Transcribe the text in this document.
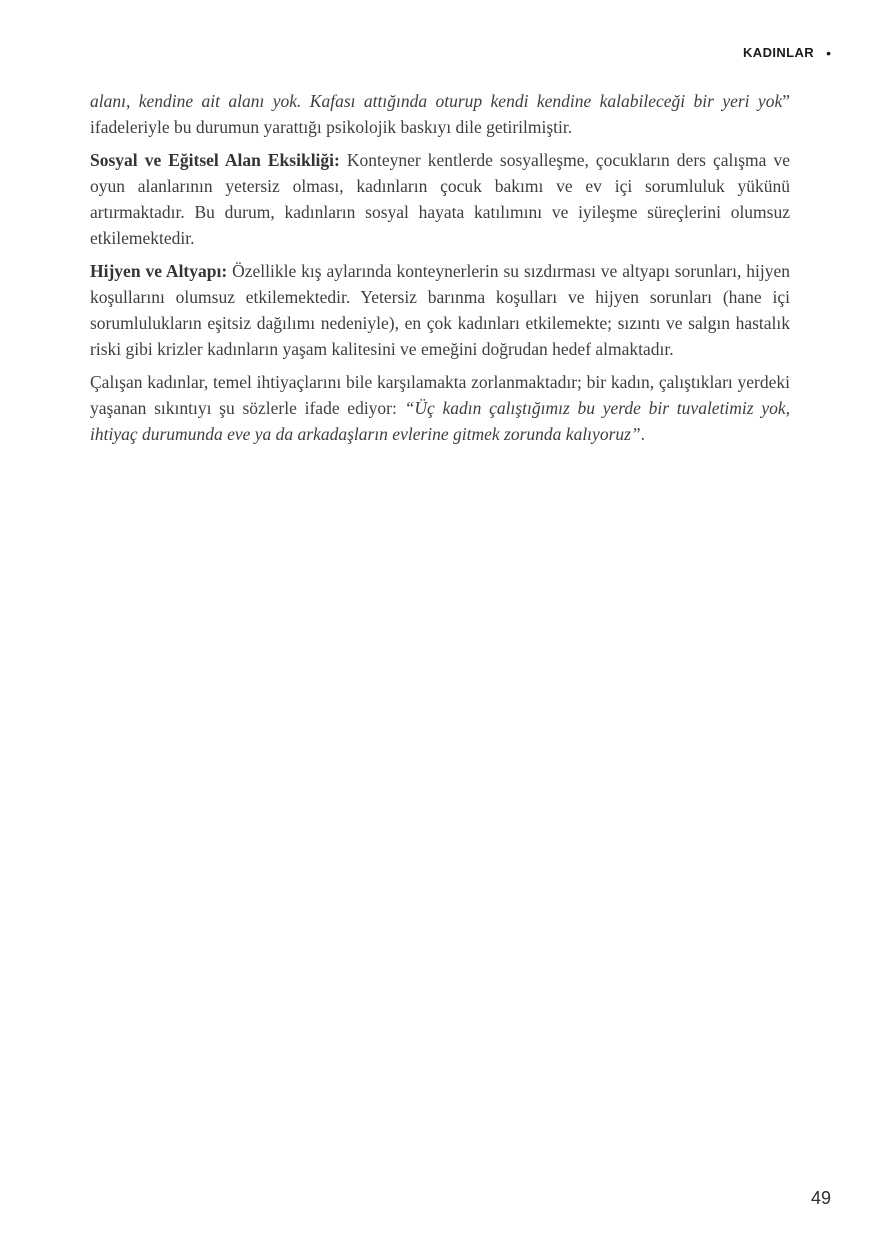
KADINLAR •

alanı, kendine ait alanı yok. Kafası attığında oturup kendi kendine kalabileceği bir yeri yok” ifadeleriyle bu durumun yarattığı psikolojik baskıyı dile getirilmiştir.

Sosyal ve Eğitsel Alan Eksikliği: Konteyner kentlerde sosyalleşme, çocukların ders çalışma ve oyun alanlarının yetersiz olması, kadınların çocuk bakımı ve ev içi sorumluluk yükünü artırmaktadır. Bu durum, kadınların sosyal hayata katılımını ve iyileşme süreçlerini olumsuz etkilemektedir.

Hijyen ve Altyapı: Özellikle kış aylarında konteynerlerin su sızdırması ve altyapı sorunları, hijyen koşullarını olumsuz etkilemektedir. Yetersiz barınma koşulları ve hijyen sorunları (hane içi sorumlulukların eşitsiz dağılımı nedeniyle), en çok kadınları etkilemekte; sızıntı ve salgın hastalık riski gibi krizler kadınların yaşam kalitesini ve emeğini doğrudan hedef almaktadır.

Çalışan kadınlar, temel ihtiyaçlarını bile karşılamakta zorlanmaktadır; bir kadın, çalıştıkları yerdeki yaşanan sıkıntıyı şu sözlerle ifade ediyor: “Üç kadın çalıştığımız bu yerde bir tuvaletimiz yok, ihtiyaç durumunda eve ya da arkadaşların evlerine gitmek zorunda kalıyoruz”.

49
